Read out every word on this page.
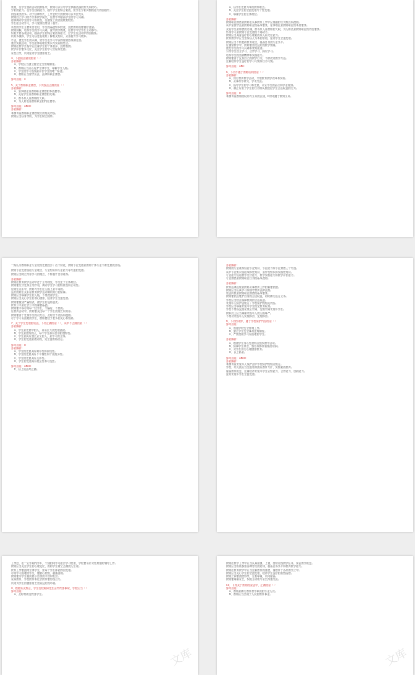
策划，在学生创新活动的排练中，教师可以引导学生掌握表演的形式和技巧。
分析的能力。在学生创新能力、提升学生的综合素质，使学生分析问题的能力得到提升。
的因素也很多。对于这种形式，工作量较大的教师可以考虑先从
教师自己学习的方式和教学模式，在教学中提高学生的学习兴趣。
能够调动学生的学习积极性，在课堂上的表现效果较好。
学生能主动学习，学习成绩也得到了提升。
该校的学生主要来自农村，学生的基础知识较差，因此教师需要做好准备。
教师讲解，培养学生的学习兴趣，提升教学效果，在教学中让学生主动参与。
积极开展各项活动，提高学生的综合素质和能力，让学生在活动中得到锻炼。
利用多媒体，学生可以更直观地了解相关知识，从而提升学习效率。
方法，激发学生的兴趣，使学生在学习中获得成就感和满足感。
通过实践活动，学生能够将理论知识与实际相结合。
教师在教学过程中应注重学生的个体差异，因材施教。
教学评价要多元化，关注学生的学习过程和发展。
家校合作，共同促进学生健康成长。
4、下面说法错误的是（ ）
答案解析：
A、学校应当建立健全安全管理制度。
B、教师应当关心爱护全体学生，尊重学生人格。
C、学生的学习成绩是评价学生的唯一标准。
D、教师应当遵守宪法、法律和职业道德。
参考答案：C
5、关于教师职业道德，下列说法正确的是（ ）
答案解析：
A、爱岗敬业是教师职业道德的本质要求。
B、关爱学生是教师职业道德的灵魂。
C、教书育人是教师的天职。
D、为人师表是教师职业的内在要求。
参考答案：ABCD
答案解析：
本题考查教师职业道德规范的相关内容。
教师应当以身作则，为学生树立榜样。
A、以学生发展为本的教育理念。
B、关注学生的全面发展与个性发展。
C、尊重学生的主体地位。
答案解析：
教师职业道德是教师在从事教育工作中应遵循的行为规范和准则。
其中爱国守法是教师职业的基本要求，爱岗敬业是教师职业的本质要求。
关爱学生是师德的灵魂，教书育人是教师的天职，为人师表是教师职业的内在要求。
终身学习是教师专业发展的不竭动力。
教师应当具备良好的心理素质和人际交往能力。
教育教学中应当坚持以人为本的原则，促进学生全面发展。
教师应当不断更新教育观念，提高自身的专业水平。
在课堂教学中，教师要创设良好的教学情境。
激发学生的学习兴趣和求知欲望。
引导学生自主学习、合作学习、探究学习。
培养学生的创新精神和实践能力。
教师要善于反思自己的教学行为，不断改进教学方法。
注重培养学生良好的学习习惯和行为习惯。
参考答案：ABC
6、下列不属于教师权利的是（ ）
答案解析：
A、进行教育教学活动，开展教育教学改革和实验。
B、从事科学研究、学术交流。
C、指导学生的学习和发展，评定学生的品行和学业成绩。
D、制止有害于学生的行为或其他侵犯学生合法权益的行为。
参考答案：D
本题考查教师的权利与义务的区别，D选项属于教师义务。
一般认为教师职业专业化的发展经历了若干阶段，教师专业发展是教师个体专业不断发展的历程。
教师专业发展包括专业理念、专业知识和专业能力等方面的发展。
教师应当树立终身学习的理念，不断提升自身素养。
答案解析：
教师在教育教学活动中处于主导地位，学生处于主体地位。
教师要充分发挥主导作用，调动学生学习的积极性和主动性。
在师生关系中，教师与学生在人格上是平等的。
良好的师生关系是教育教学活动顺利进行的保障。
教师应当尊重学生的人格，不得歧视学生。
教师应当关心学生的身心健康，促进学生全面发展。
教师要做到严慈相济，做学生的良师益友。
教育公平是社会公平的重要基础。
教师要平等对待每一位学生，不偏爱、不歧视。
在教育活动中，教师要关注每一个学生的成长和进步。
教师要善于发现学生的闪光点，及时给予表扬和鼓励。
对于学习有困难的学生，教师要给予更多的关心和帮助。
7、关于学生发展的说法，下列正确的是（ ），其中不正确的是（ ）
答案解析：
A、学生是发展中的人，具有巨大的发展潜能。
B、学生是独特的人，每个学生都有自身的独特性。
C、学生是具有独立意义的人，是学习的主体。
D、学生的发展是被动的，完全由教师决定。
参考答案：D
答案解析：
A、学生的发展具有顺序性和阶段性。
B、学生的发展具有不平衡性和个别差异性。
C、学生的发展具有互补性。
D、学生的发展具有稳定性和可变性。
参考答案：ABCD
E、以上说法均正确。
答案解析：
教师的专业素养包括专业知识、专业能力和专业道德三个方面。
其中专业知识包括本体性知识、条件性知识和实践性知识。
专业能力包括教学设计能力、教学实施能力和教学评价能力。
专业道德是教师职业行为的基本准则。
答案解析：
教育法律法规是教师从事教育工作的重要依据。
教师应当认真学习和遵守教育法律法规。
依法执教是教师职业道德的基本要求。
教师要依法维护自身的合法权益，同时履行法定义务。
学校应当依法保障教师的合法权益。
未成年人保护法规定了学校保护的相关内容。
学校应当尊重未成年学生的受教育权利。
学校不得违反国家规定开除、变相开除未成年学生。
教职员工应当尊重未成年人的人格尊严。
不得对未成年人实施体罚、变相体罚。
8、下列选项中，属于学校保护内容的是（ ）
参考答案：
A、加强学校安全管理工作。
B、建立学生安全事故处理制度。
C、严禁歧视学习有困难的学生。
答案解析：
A、根据学生身心发展特点组织教学活动。
B、保障学生休息、娱乐和体育锻炼的时间。
C、对学生进行心理健康教育。
D、以上都是。
参考答案：ABCD
答案解析：
本题考查未成年人保护法中学校保护的相关规定。
学校、幼儿园应当全面贯彻国家教育方针，实施素质教育。
提高教育质量，注重培养未成年学生认知能力、合作能力、创新能力。
促进未成年学生全面发展。
工作量，在一定学期内学年，个别的同学可能会学习较差，学校要有针对性地做好辅导工作。
教师应当关注学生的心理变化，帮助学生树立正确的人生观。
教育工作要面向全体学生，使每个学生都能得到发展。
对待学习困难的学生，要耐心细致，循循善诱。
教师要为学生提供展示自我的平台和机会。
家庭教育、学校教育和社会教育要形成合力。
共同为学生的健康成长创造良好的环境。
9、根据有关规定，学生在校期间发生意外伤害事故，学校应当（ ）
参考答案：
A、及时救助受伤害学生。
文库
教师在教学工作中应当认真备课、上课，按时完成教学任务，保证教学质量。
教师应当积极参加各种形式的培训，提高业务水平和教育教学能力。
教师在教育教学中应当注重德育的渗透，寓德育于各科教学之中。
教师应当关心学生的全面发展，培养学生良好的思想品德。
教师之间要团结协作，互相尊重，共同提高。
教师要尊重家长，积极主动地与家长沟通交流。
10、下列关于教师的说法中，正确的是（ ）
参考答案：
A、教师是履行教育教学职责的专业人员。
B、教师应当忠诚于人民的教育事业。
文库
